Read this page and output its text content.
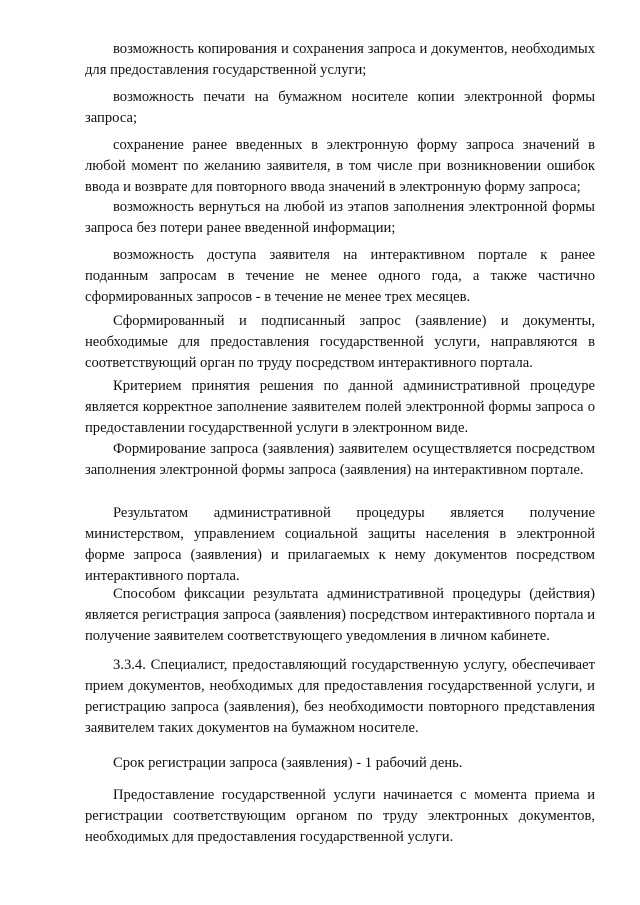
возможность копирования и сохранения запроса и документов, необходимых для предоставления государственной услуги;

возможность печати на бумажном носителе копии электронной формы запроса;

сохранение ранее введенных в электронную форму запроса значений в любой момент по желанию заявителя, в том числе при возникновении ошибок ввода и возврате для повторного ввода значений в электронную форму запроса;

возможность вернуться на любой из этапов заполнения электронной формы запроса без потери ранее введенной информации;

возможность доступа заявителя на интерактивном портале к ранее поданным запросам в течение не менее одного года, а также частично сформированных запросов - в течение не менее трех месяцев.

Сформированный и подписанный запрос (заявление) и документы, необходимые для предоставления государственной услуги, направляются в соответствующий орган по труду посредством интерактивного портала.

Критерием принятия решения по данной административной процедуре является корректное заполнение заявителем полей электронной формы запроса о предоставлении государственной услуги в электронном виде.

Формирование запроса (заявления) заявителем осуществляется посредством заполнения электронной формы запроса (заявления) на интерактивном портале.

Результатом административной процедуры является получение министерством, управлением социальной защиты населения в электронной форме запроса (заявления) и прилагаемых к нему документов посредством интерактивного портала.

Способом фиксации результата административной процедуры (действия) является регистрация запроса (заявления) посредством интерактивного портала и получение заявителем соответствующего уведомления в личном кабинете.

3.3.4. Специалист, предоставляющий государственную услугу, обеспечивает прием документов, необходимых для предоставления государственной услуги, и регистрацию запроса (заявления), без необходимости повторного представления заявителем таких документов на бумажном носителе.

Срок регистрации запроса (заявления) - 1 рабочий день.

Предоставление государственной услуги начинается с момента приема и регистрации соответствующим органом по труду электронных документов, необходимых для предоставления государственной услуги.
